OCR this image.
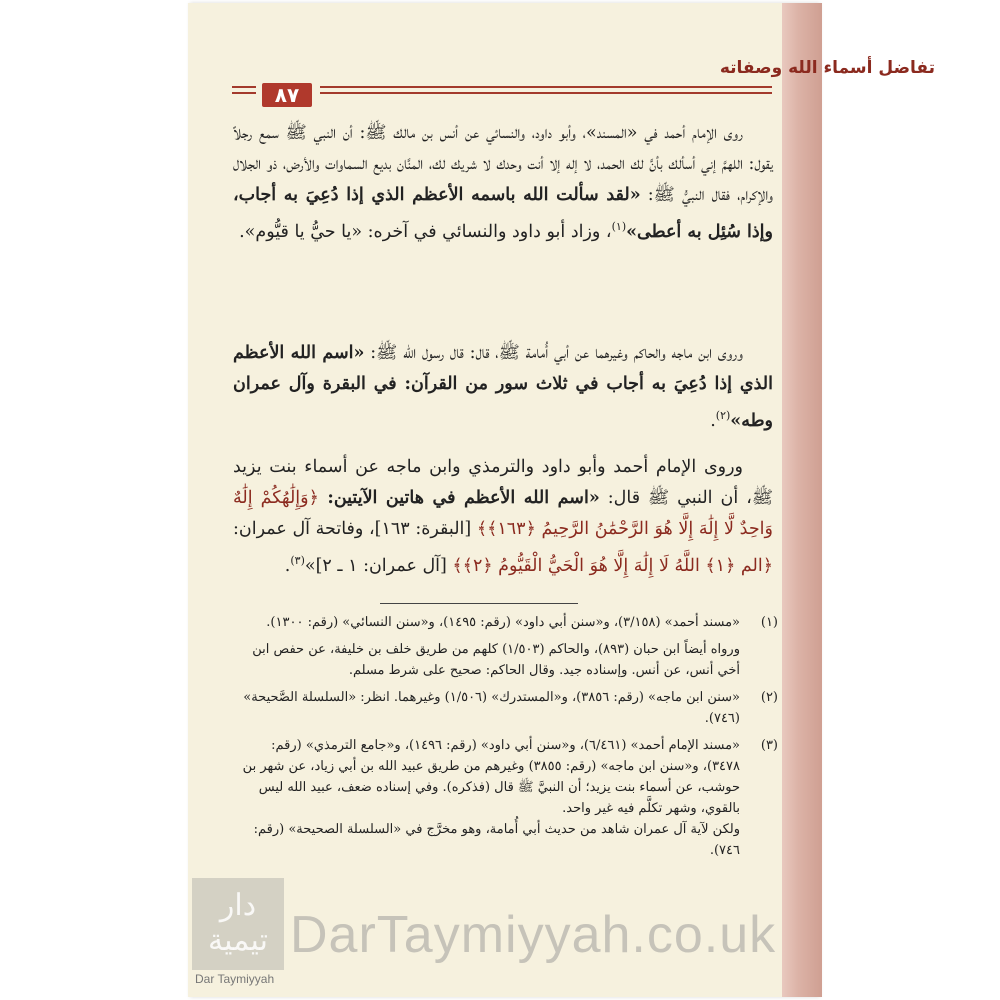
تفاضل أسماء الله وصفاته
٨٧

روى الإمام أحمد في «المسند»، وأبو داود، والنسائي عن أنس بن مالك ﷺ: أن النبي ﷺ سمع رجلاً يقول: اللهمَّ إني أسألك بأنَّ لك الحمد، لا إله إلا أنت وحدك لا شريك لك، المنَّان بديع السماوات والأرض، ذو الجلال والإكرام، فقال النبيُّ ﷺ: «لقد سألت الله باسمه الأعظم الذي إذا دُعِيَ به أجاب، وإذا سُئِل به أعطى»$^{(١)}$، وزاد أبو داود والنسائي في آخره: «يا حيُّ يا قيُّوم».

وروى ابن ماجه والحاكم وغيرهما عن أبي أُمامة ﷺ، قال: قال رسول الله ﷺ: «اسم الله الأعظم الذي إذا دُعِيَ به أجاب في ثلاث سور من القرآن: في البقرة وآل عمران وطه»$^{(٢)}$.

وروى الإمام أحمد وأبو داود والترمذي وابن ماجه عن أسماء بنت يزيد ﷺ، أن النبي ﷺ قال: «اسم الله الأعظم في هاتين الآيتين: ﴿وَإِلَٰهُكُمْ إِلَٰهٌ وَاحِدٌ لَّا إِلَٰهَ إِلَّا هُوَ الرَّحْمَٰنُ الرَّحِيمُ ﴿١٦٣﴾﴾ [البقرة: ١٦٣]، وفاتحة آل عمران: ﴿الم ﴿١﴾ اللَّهُ لَا إِلَٰهَ إِلَّا هُوَ الْحَيُّ الْقَيُّومُ ﴿٢﴾﴾ [آل عمران: ١ ـ ٢]»$^{(٣)}$.

(١)
«مسند أحمد» (٣/١٥٨)، و«سنن أبي داود» (رقم: ١٤٩٥)، و«سنن النسائي» (رقم: ١٣٠٠).

ورواه أيضاً ابن حبان (٨٩٣)، والحاكم (١/٥٠٣) كلهم من طريق خلف بن خليفة، عن حفص ابن أخي أنس، عن أنس. وإسناده جيد. وقال الحاكم: صحيح على شرط مسلم.

(٢)
«سنن ابن ماجه» (رقم: ٣٨٥٦)، و«المستدرك» (١/٥٠٦) وغيرهما. انظر: «السلسلة الصَّحيحة» (٧٤٦).

(٣)
«مسند الإمام أحمد» (٦/٤٦١)، و«سنن أبي داود» (رقم: ١٤٩٦)، و«جامع الترمذي» (رقم: ٣٤٧٨)، و«سنن ابن ماجه» (رقم: ٣٨٥٥) وغيرهم من طريق عبيد الله بن أبي زياد، عن شهر بن حوشب، عن أسماء بنت يزيد؛ أن النبيَّ ﷺ قال (فذكره). وفي إسناده ضعف، عبيد الله ليس بالقوي، وشهر تكلَّم فيه غير واحد.

ولكن لآية آل عمران شاهد من حديث أبي أُمامة، وهو مخرَّج في «السلسلة الصحيحة» (رقم: ٧٤٦).

دار تيمية DarTaymiyyah.co.uk
Dar Taymiyyah
